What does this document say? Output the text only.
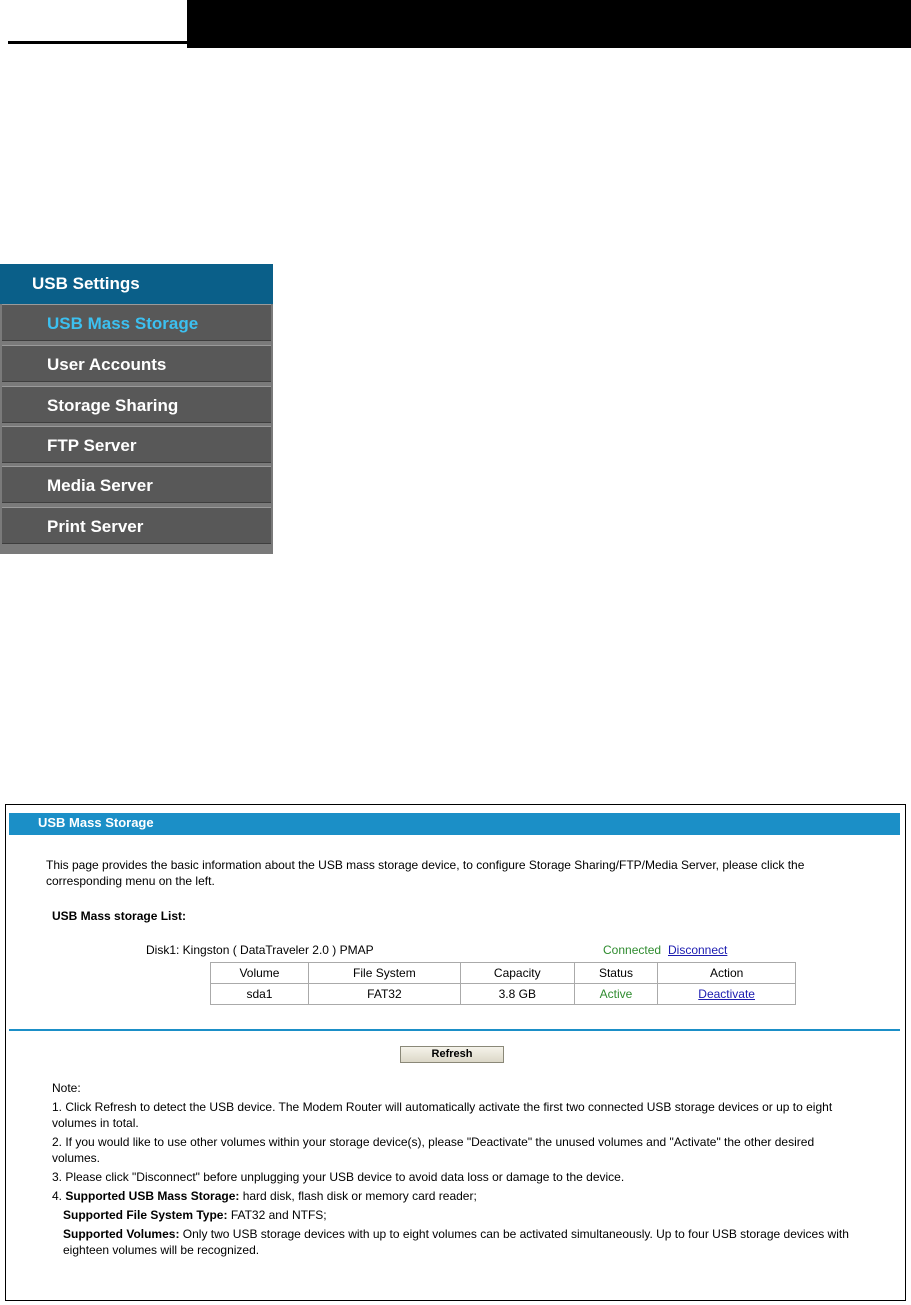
USB Settings
USB Mass Storage
User Accounts
Storage Sharing
FTP Server
Media Server
Print Server
USB Mass Storage
This page provides the basic information about the USB mass storage device, to configure Storage Sharing/FTP/Media Server, please click the corresponding menu on the left.
USB Mass storage List:
Disk1: Kingston ( DataTraveler 2.0 ) PMAP	Connected Disconnect
Volume	File System	Capacity	Status	Action
sda1	FAT32	3.8 GB	Active	Deactivate
Refresh

Note:

1. Click Refresh to detect the USB device. The Modem Router will automatically activate the first two connected USB storage devices or up to eight volumes in total.

2. If you would like to use other volumes within your storage device(s), please "Deactivate" the unused volumes and "Activate" the other desired volumes.

3. Please click "Disconnect" before unplugging your USB device to avoid data loss or damage to the device.

4. Supported USB Mass Storage: hard disk, flash disk or memory card reader;

Supported File System Type: FAT32 and NTFS;

Supported Volumes: Only two USB storage devices with up to eight volumes can be activated simultaneously. Up to four USB storage devices with eighteen volumes will be recognized.
